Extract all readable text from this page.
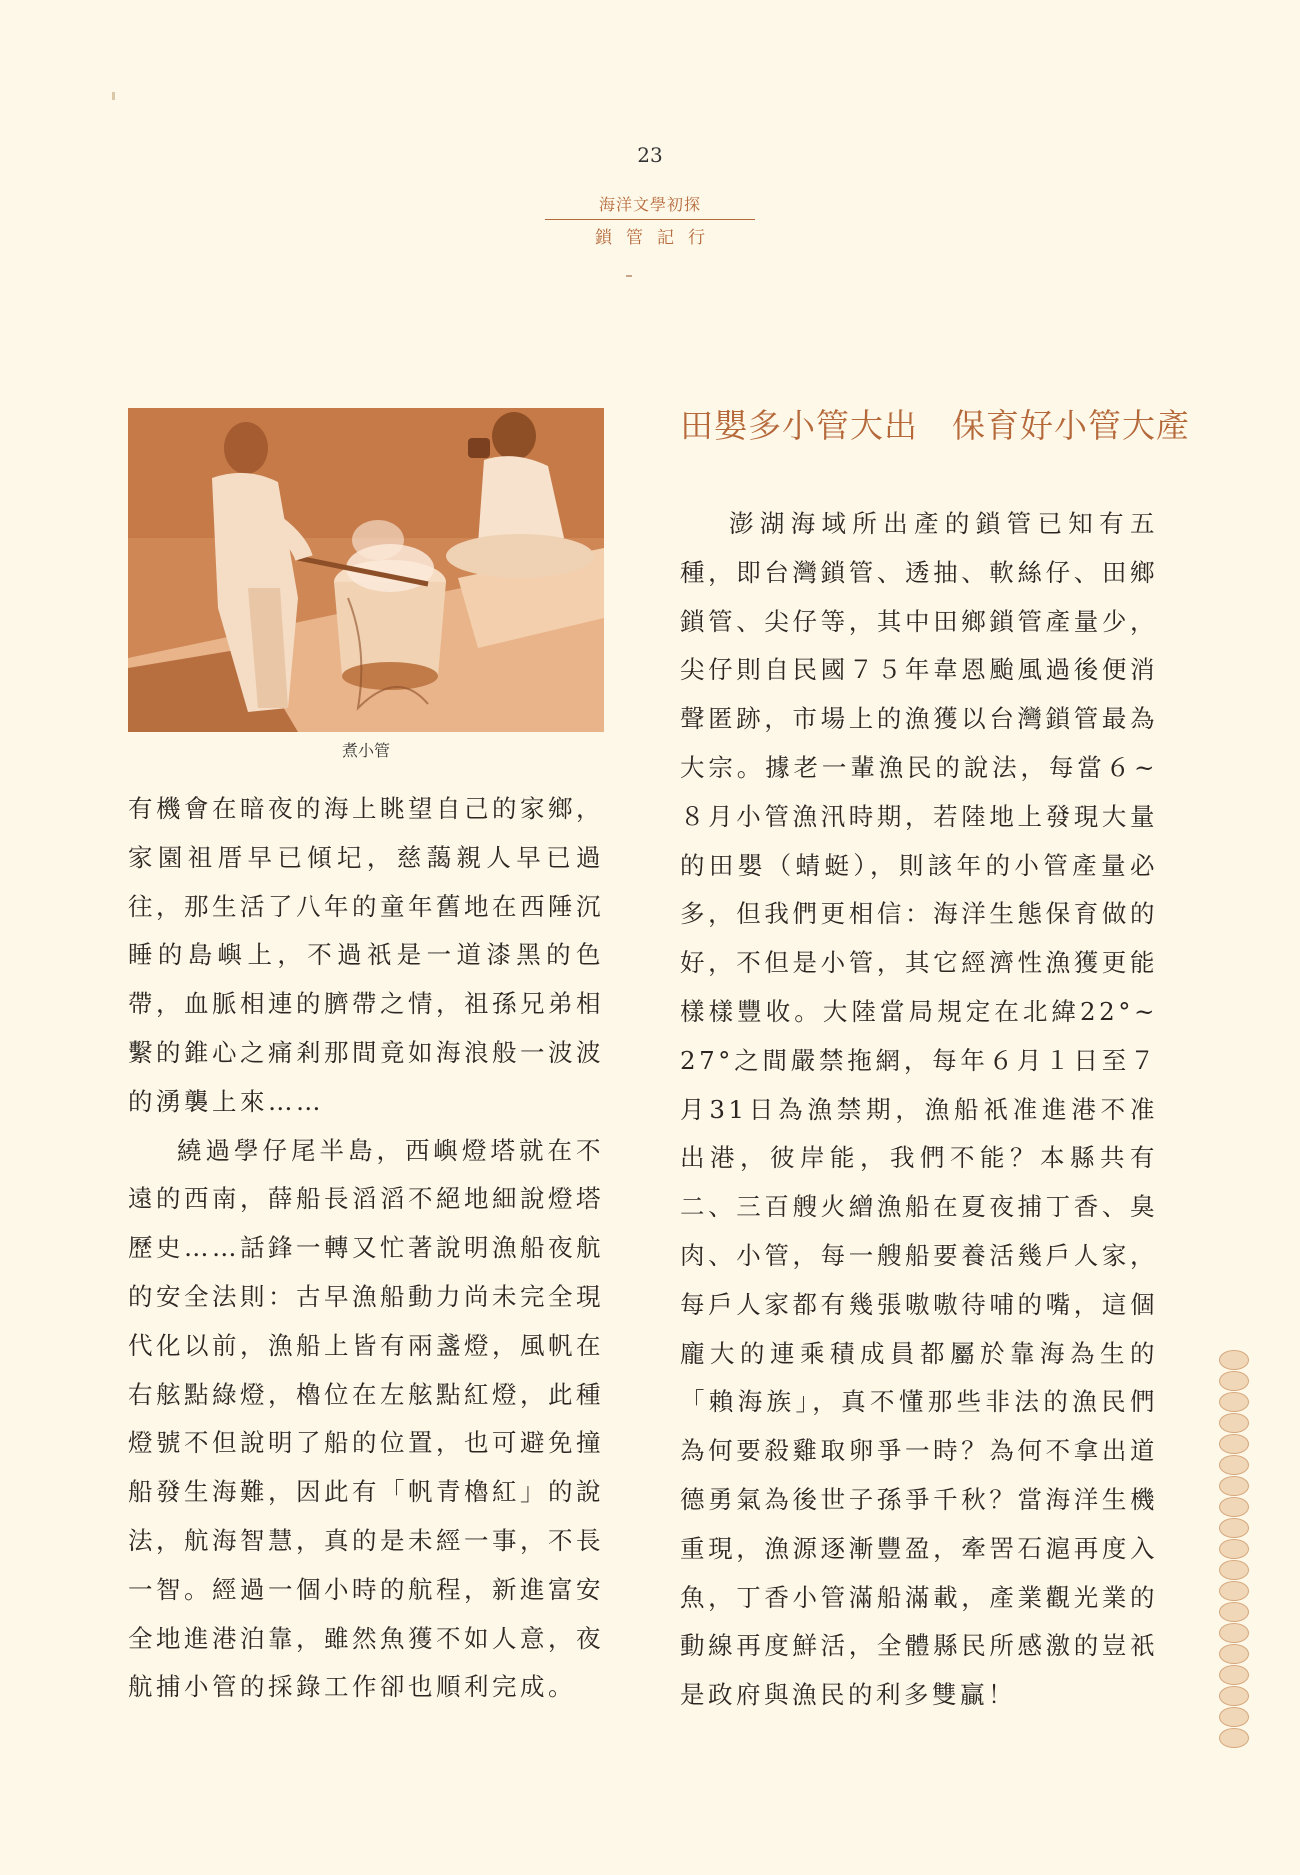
23
海洋文學初探
鎖管記行
煮小管

有機會在暗夜的海上眺望自己的家鄉，家園祖厝早已傾圮，慈藹親人早已過往，那生活了八年的童年舊地在西陲沉睡的島嶼上，不過祇是一道漆黑的色帶，血脈相連的臍帶之情，祖孫兄弟相繫的錐心之痛剎那間竟如海浪般一波波的湧襲上來……

繞過學仔尾半島，西嶼燈塔就在不遠的西南，薛船長滔滔不絕地細說燈塔歷史……話鋒一轉又忙著說明漁船夜航的安全法則：古早漁船動力尚未完全現代化以前，漁船上皆有兩盞燈，風帆在右舷點綠燈，櫓位在左舷點紅燈，此種燈號不但說明了船的位置，也可避免撞船發生海難，因此有「帆青櫓紅」的說法，航海智慧，真的是未經一事，不長一智。經過一個小時的航程，新進富安全地進港泊靠，雖然魚獲不如人意，夜航捕小管的採錄工作卻也順利完成。

田嬰多小管大出　保育好小管大產

澎湖海域所出產的鎖管已知有五種，即台灣鎖管、透抽、軟絲仔、田鄉鎖管、尖仔等，其中田鄉鎖管產量少，尖仔則自民國７５年韋恩颱風過後便消聲匿跡，市場上的漁獲以台灣鎖管最為大宗。據老一輩漁民的說法，每當６~８月小管漁汛時期，若陸地上發現大量的田嬰（蜻蜓），則該年的小管產量必多，但我們更相信：海洋生態保育做的好，不但是小管，其它經濟性漁獲更能樣樣豐收。大陸當局規定在北緯22°~ 27°之間嚴禁拖網，每年６月１日至７月31日為漁禁期，漁船祇准進港不准出港，彼岸能，我們不能？本縣共有二、三百艘火繒漁船在夏夜捕丁香、臭肉、小管，每一艘船要養活幾戶人家，每戶人家都有幾張嗷嗷待哺的嘴，這個龐大的連乘積成員都屬於靠海為生的「賴海族」，真不懂那些非法的漁民們為何要殺雞取卵爭一時？為何不拿出道德勇氣為後世子孫爭千秋？當海洋生機重現，漁源逐漸豐盈，牽罟石滬再度入魚，丁香小管滿船滿載，產業觀光業的動線再度鮮活，全體縣民所感激的豈祇是政府與漁民的利多雙贏！
